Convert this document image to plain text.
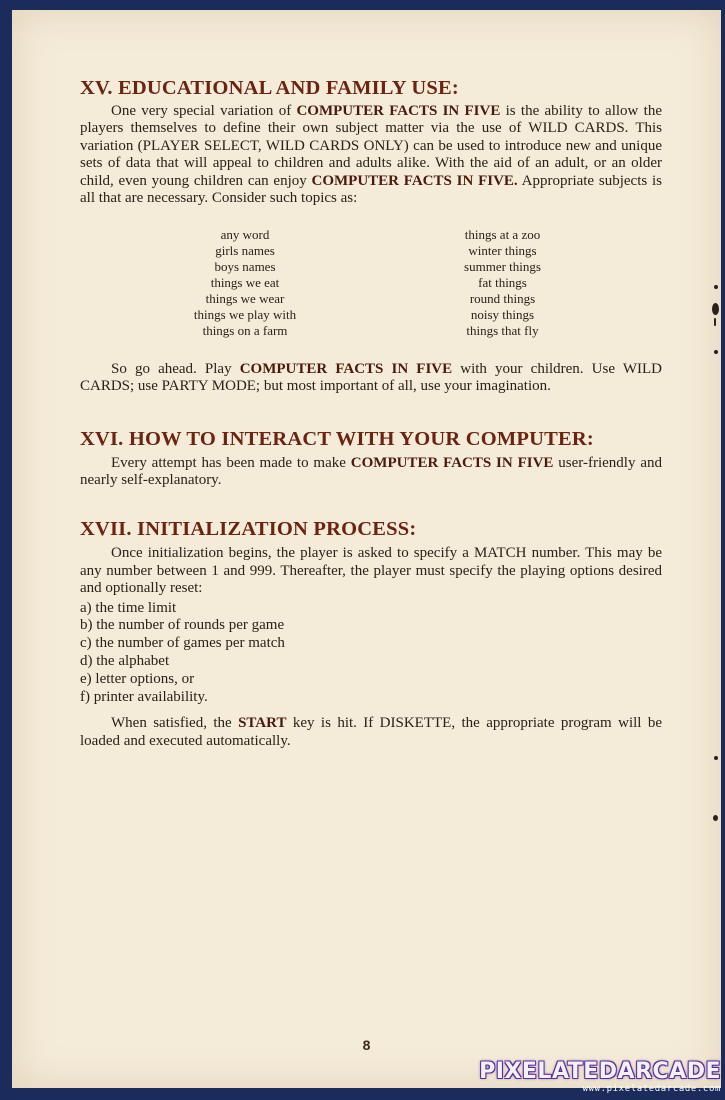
XV. EDUCATIONAL AND FAMILY USE:

One very special variation of COMPUTER FACTS IN FIVE is the ability to allow the players themselves to define their own subject matter via the use of WILD CARDS. This variation (PLAYER SELECT, WILD CARDS ONLY) can be used to introduce new and unique sets of data that will appeal to children and adults alike. With the aid of an adult, or an older child, even young children can enjoy COMPUTER FACTS IN FIVE. Appropriate subjects is all that are necessary. Consider such topics as:

any word
girls names
boys names
things we eat
things we wear
things we play with
things on a farm
things at a zoo
winter things
summer things
fat things
round things
noisy things
things that fly

So go ahead. Play COMPUTER FACTS IN FIVE with your children. Use WILD CARDS; use PARTY MODE; but most important of all, use your imagination.

XVI. HOW TO INTERACT WITH YOUR COMPUTER:

Every attempt has been made to make COMPUTER FACTS IN FIVE user-friendly and nearly self-explanatory.

XVII. INITIALIZATION PROCESS:

Once initialization begins, the player is asked to specify a MATCH number. This may be any number between 1 and 999. Thereafter, the player must specify the playing options desired and optionally reset:

a) the time limit
b) the number of rounds per game
c) the number of games per match
d) the alphabet
e) letter options, or
f) printer availability.

When satisfied, the START key is hit. If DISKETTE, the appropriate program will be loaded and executed automatically.

8
PIXELATEDARCADE
www.pixelatedarcade.com
